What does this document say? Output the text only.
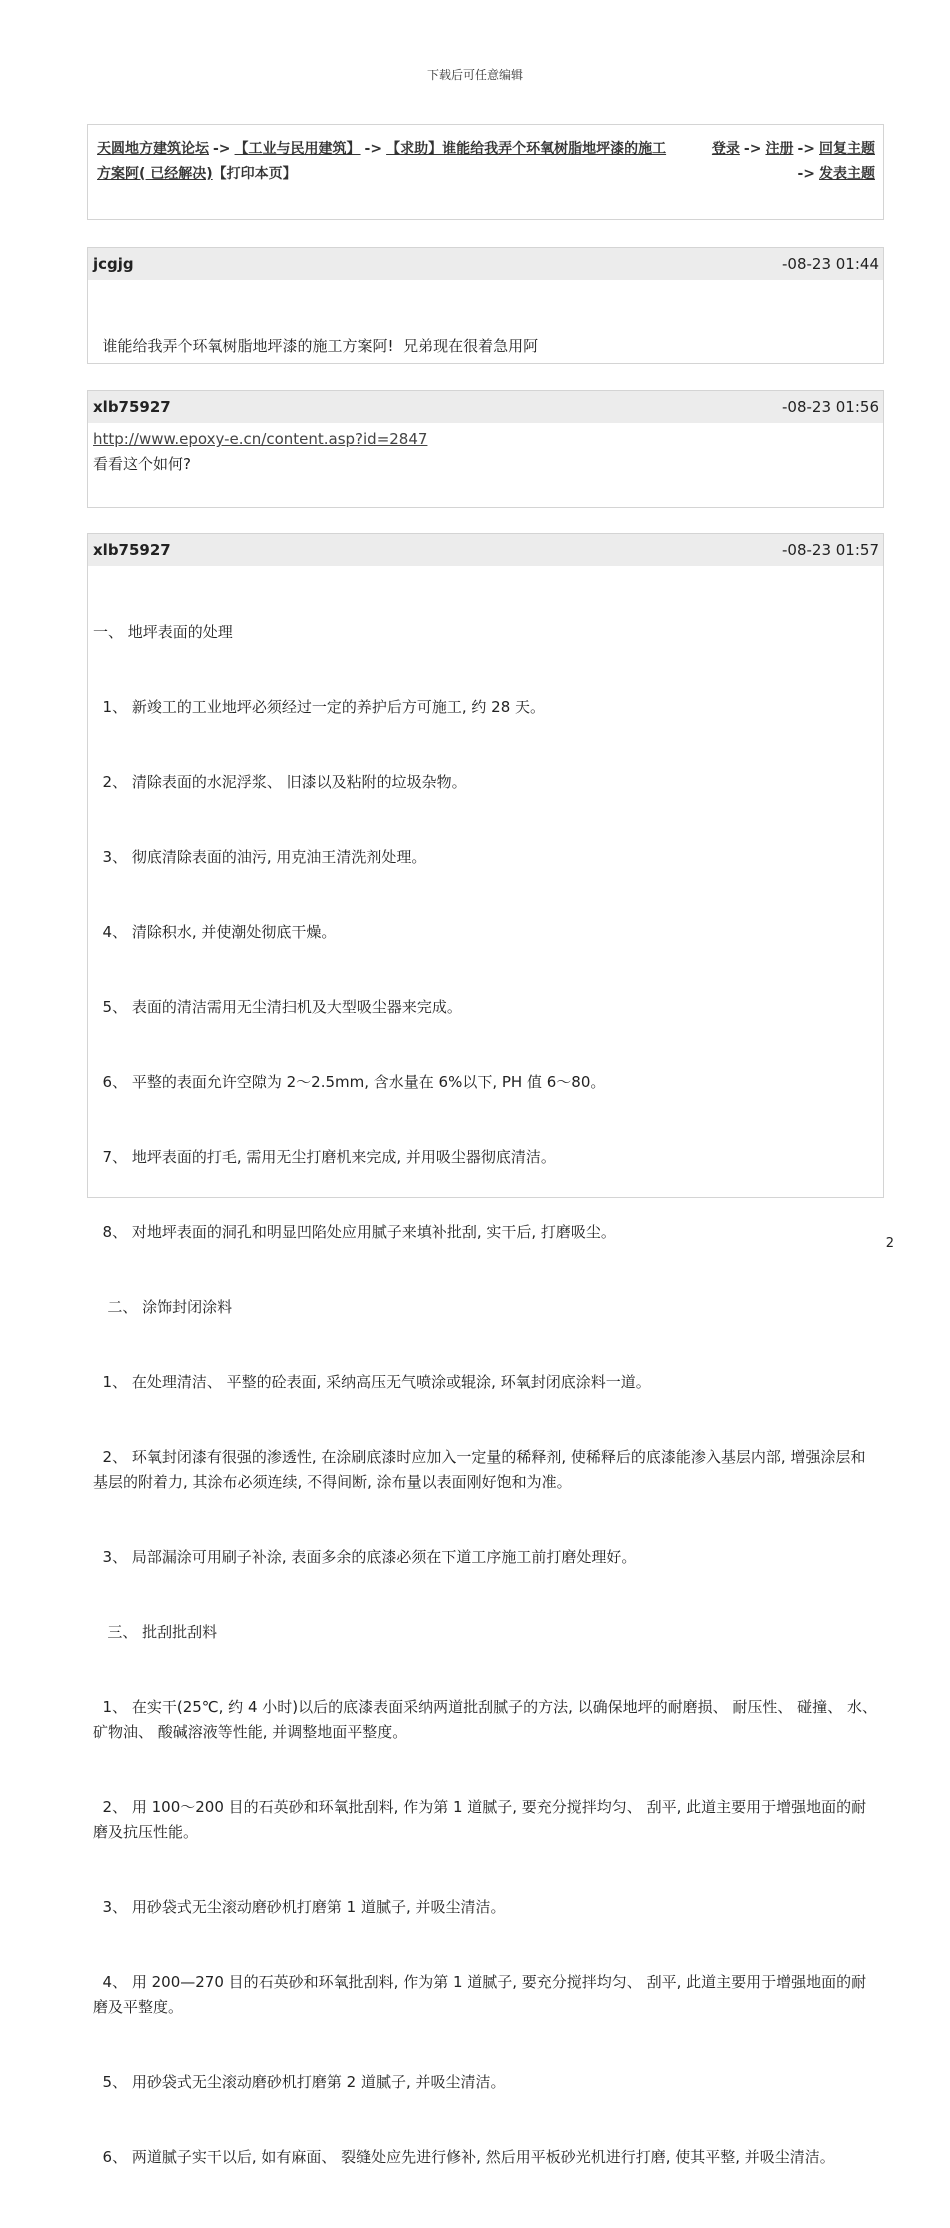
下载后可任意编辑
天圆地方建筑论坛 -> 【工业与民用建筑】 -> 【求助】谁能给我弄个环氧树脂地坪漆的施工方案阿( 已经解决)【打印本页】
登录 -> 注册 -> 回复主题
-> 发表主题
jcgjg	-08-23 01:44

谁能给我弄个环氧树脂地坪漆的施工方案阿!  兄弟现在很着急用阿

xlb75927	-08-23 01:56
http://www.epoxy-e.cn/content.asp?id=2847
看看这个如何?
xlb75927	-08-23 01:57

一、 地坪表面的处理

1、 新竣工的工业地坪必须经过一定的养护后方可施工, 约 28 天。

2、 清除表面的水泥浮浆、 旧漆以及粘附的垃圾杂物。

3、 彻底清除表面的油污, 用克油王清洗剂处理。

4、 清除积水, 并使潮处彻底干燥。

5、 表面的清洁需用无尘清扫机及大型吸尘器来完成。

6、 平整的表面允许空隙为 2～2.5mm, 含水量在 6%以下, PH 值 6～80。

7、 地坪表面的打毛, 需用无尘打磨机来完成, 并用吸尘器彻底清洁。

8、 对地坪表面的洞孔和明显凹陷处应用腻子来填补批刮, 实干后, 打磨吸尘。

二、 涂饰封闭涂料

1、 在处理清洁、 平整的砼表面, 采纳高压无气喷涂或辊涂, 环氧封闭底涂料一道。

2、 环氧封闭漆有很强的渗透性, 在涂刷底漆时应加入一定量的稀释剂, 使稀释后的底漆能渗入基层内部, 增强涂层和基层的附着力, 其涂布必须连续, 不得间断, 涂布量以表面刚好饱和为准。

3、 局部漏涂可用刷子补涂, 表面多余的底漆必须在下道工序施工前打磨处理好。

三、 批刮批刮料

1、 在实干(25℃, 约 4 小时)以后的底漆表面采纳两道批刮腻子的方法, 以确保地坪的耐磨损、 耐压性、 碰撞、 水、 矿物油、 酸碱溶液等性能, 并调整地面平整度。

2、 用 100～200 目的石英砂和环氧批刮料, 作为第 1 道腻子, 要充分搅拌均匀、 刮平, 此道主要用于增强地面的耐磨及抗压性能。

3、 用砂袋式无尘滚动磨砂机打磨第 1 道腻子, 并吸尘清洁。

4、 用 200—270 目的石英砂和环氧批刮料, 作为第 1 道腻子, 要充分搅拌均匀、 刮平, 此道主要用于增强地面的耐磨及平整度。

5、 用砂袋式无尘滚动磨砂机打磨第 2 道腻子, 并吸尘清洁。

6、 两道腻子实干以后, 如有麻面、 裂缝处应先进行修补, 然后用平板砂光机进行打磨, 使其平整, 并吸尘清洁。

2
